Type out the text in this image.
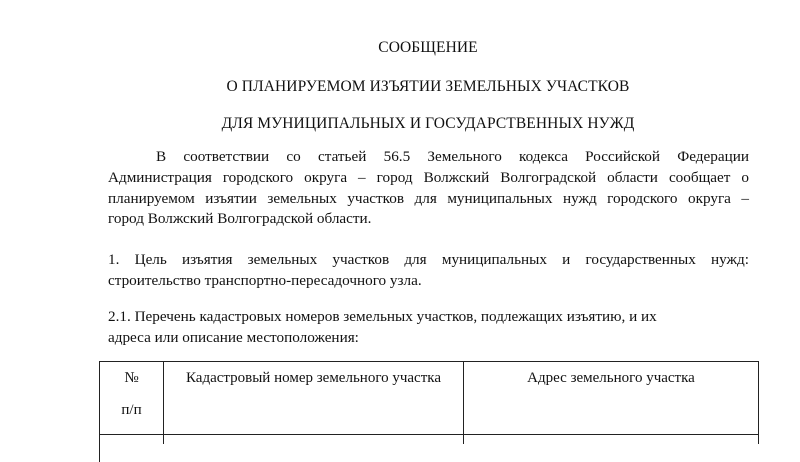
СООБЩЕНИЕ
О ПЛАНИРУЕМОМ ИЗЪЯТИИ ЗЕМЕЛЬНЫХ УЧАСТКОВ
ДЛЯ МУНИЦИПАЛЬНЫХ И ГОСУДАРСТВЕННЫХ НУЖД
В соответствии со статьей 56.5 Земельного кодекса Российской Федерации
Администрация городского округа – город Волжский Волгоградской области сообщает о
планируемом изъятии земельных участков для муниципальных нужд городского округа –
город Волжский Волгоградской области.
1. Цель изъятия земельных участков для муниципальных и государственных нужд:
строительство транспортно-пересадочного узла.
2.1. Перечень кадастровых номеров земельных участков, подлежащих изъятию, и их
адреса или описание местоположения:
№
п/п
Кадастровый номер земельного участка	Адрес земельного участка
